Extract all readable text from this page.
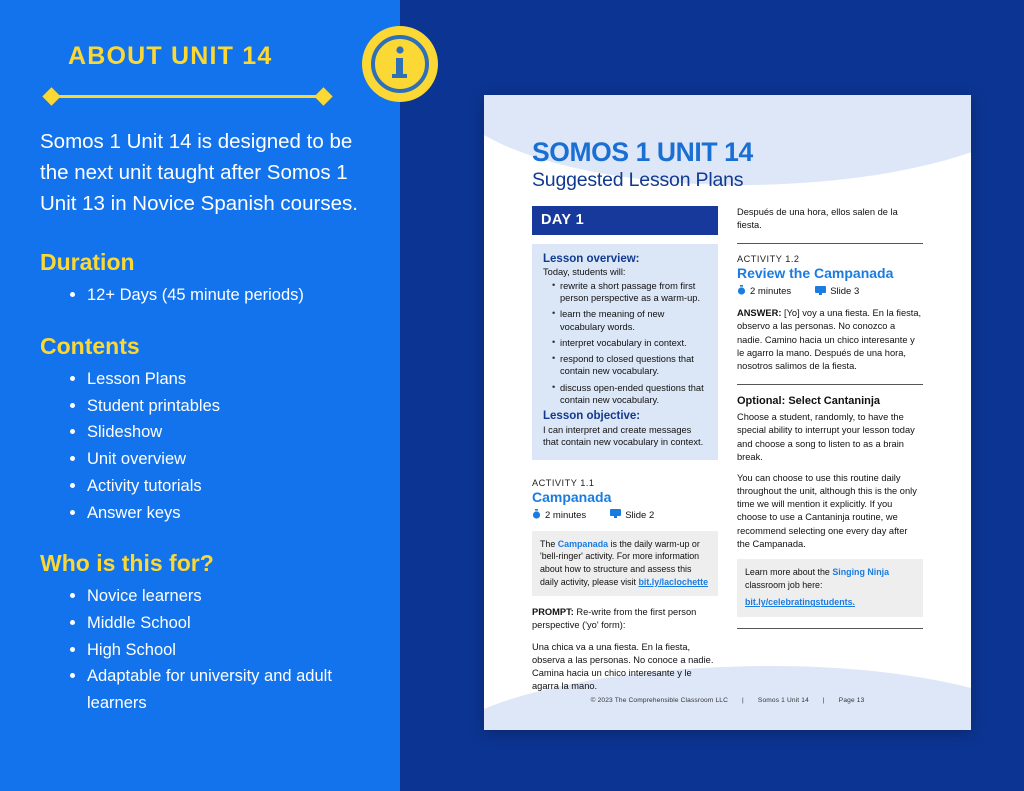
ABOUT UNIT 14
Somos 1 Unit 14 is designed to be the next unit taught after Somos 1 Unit 13 in Novice Spanish courses.
Duration
12+ Days (45 minute periods)
Contents
Lesson Plans
Student printables
Slideshow
Unit overview
Activity tutorials
Answer keys
Who is this for?
Novice learners
Middle School
High School
Adaptable for university and adult learners
SOMOS 1 UNIT 14
Suggested Lesson Plans
DAY 1
Lesson overview:
Today, students will:
• rewrite a short passage from first person perspective as a warm-up.
• learn the meaning of new vocabulary words.
• interpret vocabulary in context.
• respond to closed questions that contain new vocabulary.
• discuss open-ended questions that contain new vocabulary.
Lesson objective:
I can interpret and create messages that contain new vocabulary in context.
ACTIVITY 1.1
Campanada
2 minutes	Slide 2
The Campanada is the daily warm-up or 'bell-ringer' activity. For more information about how to structure and assess this daily activity, please visit bit.ly/laclochette
PROMPT: Re-write from the first person perspective ('yo' form):
Una chica va a una fiesta. En la fiesta, observa a las personas. No conoce a nadie. Camina hacia un chico interesante y le agarra la mano.
Después de una hora, ellos salen de la fiesta.
ACTIVITY 1.2
Review the Campanada
2 minutes	Slide 3
ANSWER: [Yo] voy a una fiesta. En la fiesta, observo a las personas. No conozco a nadie. Camino hacia un chico interesante y le agarro la mano. Después de una hora, nosotros salimos de la fiesta.
Optional: Select Cantaninja
Choose a student, randomly, to have the special ability to interrupt your lesson today and choose a song to listen to as a brain break.
You can choose to use this routine daily throughout the unit, although this is the only time we will mention it explicitly. If you choose to use a Cantaninja routine, we recommend selecting one every day after the Campanada.
Learn more about the Singing Ninja classroom job here:
bit.ly/celebratingstudents.
© 2023 The Comprehensible Classroom LLC | Somos 1 Unit 14 | Page 13
